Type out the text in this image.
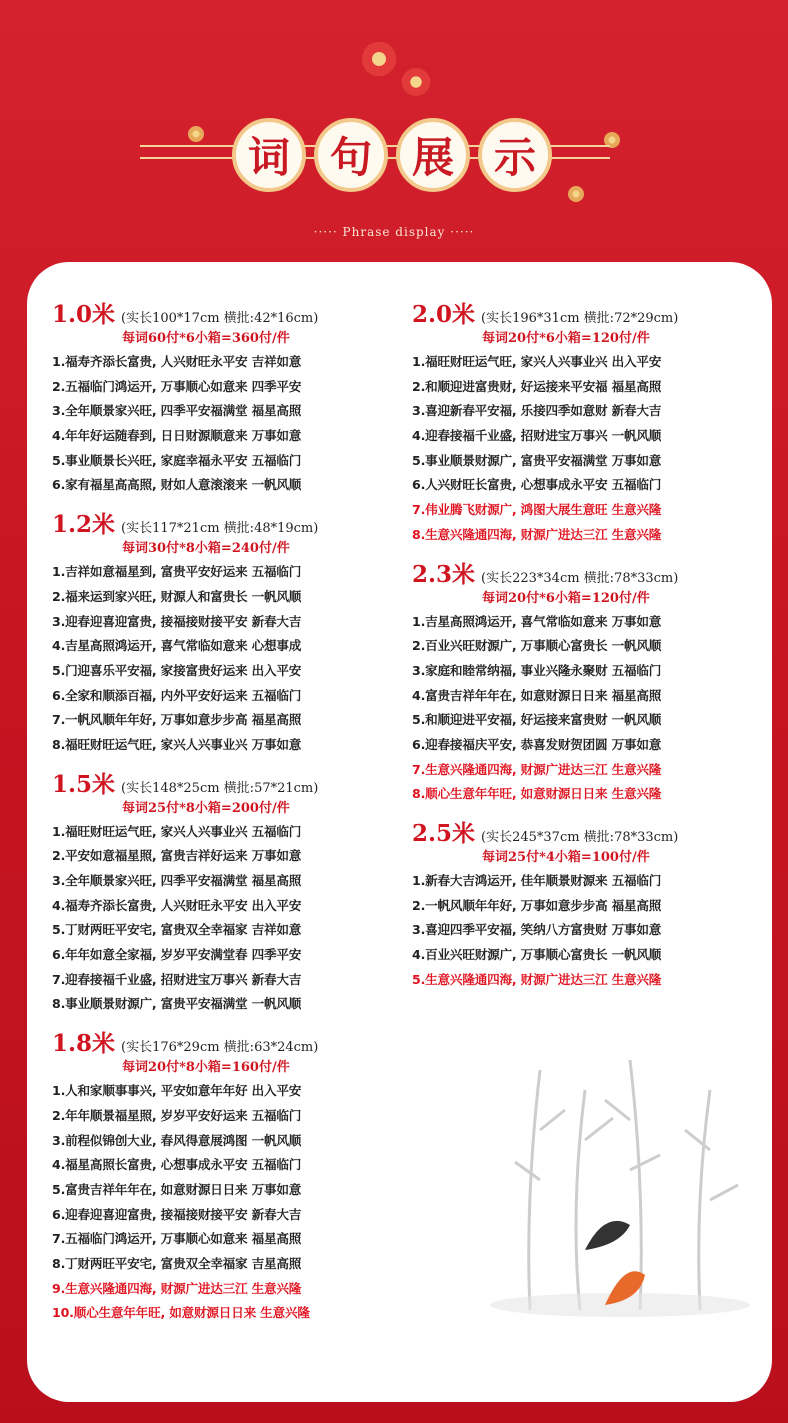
词 句 展 示
····· Phrase display ·····
1.0米 (实长100*17cm 横批:42*16cm)
每词60付*6小箱=360付/件
1.福寿齐添长富贵, 人兴财旺永平安 吉祥如意
2.五福临门鸿运开, 万事顺心如意来 四季平安
3.全年顺景家兴旺, 四季平安福满堂 福星高照
4.年年好运随春到, 日日财源顺意来 万事如意
5.事业顺景长兴旺, 家庭幸福永平安 五福临门
6.家有福星高高照, 财如人意滚滚来 一帆风顺
1.2米 (实长117*21cm 横批:48*19cm)
每词30付*8小箱=240付/件
1.吉祥如意福星到, 富贵平安好运来 五福临门
2.福来运到家兴旺, 财源人和富贵长 一帆风顺
3.迎春迎喜迎富贵, 接福接财接平安 新春大吉
4.吉星高照鸿运开, 喜气常临如意来 心想事成
5.门迎喜乐平安福, 家接富贵好运来 出入平安
6.全家和顺添百福, 内外平安好运来 五福临门
7.一帆风顺年年好, 万事如意步步高 福星高照
8.福旺财旺运气旺, 家兴人兴事业兴 万事如意
1.5米 (实长148*25cm 横批:57*21cm)
每词25付*8小箱=200付/件
1.福旺财旺运气旺, 家兴人兴事业兴 五福临门
2.平安如意福星照, 富贵吉祥好运来 万事如意
3.全年顺景家兴旺, 四季平安福满堂 福星高照
4.福寿齐添长富贵, 人兴财旺永平安 出入平安
5.丁财两旺平安宅, 富贵双全幸福家 吉祥如意
6.年年如意全家福, 岁岁平安满堂春 四季平安
7.迎春接福千业盛, 招财进宝万事兴 新春大吉
8.事业顺景财源广, 富贵平安福满堂 一帆风顺
1.8米 (实长176*29cm 横批:63*24cm)
每词20付*8小箱=160付/件
1.人和家顺事事兴, 平安如意年年好 出入平安
2.年年顺景福星照, 岁岁平安好运来 五福临门
3.前程似锦创大业, 春风得意展鸿图 一帆风顺
4.福星高照长富贵, 心想事成永平安 五福临门
5.富贵吉祥年年在, 如意财源日日来 万事如意
6.迎春迎喜迎富贵, 接福接财接平安 新春大吉
7.五福临门鸿运开, 万事顺心如意来 福星高照
8.丁财两旺平安宅, 富贵双全幸福家 吉星高照
9.生意兴隆通四海, 财源广进达三江 生意兴隆
10.顺心生意年年旺, 如意财源日日来 生意兴隆
2.0米 (实长196*31cm 横批:72*29cm)
每词20付*6小箱=120付/件
1.福旺财旺运气旺, 家兴人兴事业兴 出入平安
2.和顺迎进富贵财, 好运接来平安福 福星高照
3.喜迎新春平安福, 乐接四季如意财 新春大吉
4.迎春接福千业盛, 招财进宝万事兴 一帆风顺
5.事业顺景财源广, 富贵平安福满堂 万事如意
6.人兴财旺长富贵, 心想事成永平安 五福临门
7.伟业腾飞财源广, 鸿图大展生意旺 生意兴隆
8.生意兴隆通四海, 财源广进达三江 生意兴隆
2.3米 (实长223*34cm 横批:78*33cm)
每词20付*6小箱=120付/件
1.吉星高照鸿运开, 喜气常临如意来 万事如意
2.百业兴旺财源广, 万事顺心富贵长 一帆风顺
3.家庭和睦常纳福, 事业兴隆永聚财 五福临门
4.富贵吉祥年年在, 如意财源日日来 福星高照
5.和顺迎进平安福, 好运接来富贵财 一帆风顺
6.迎春接福庆平安, 恭喜发财贺团圆 万事如意
7.生意兴隆通四海, 财源广进达三江 生意兴隆
8.顺心生意年年旺, 如意财源日日来 生意兴隆
2.5米 (实长245*37cm 横批:78*33cm)
每词25付*4小箱=100付/件
1.新春大吉鸿运开, 佳年顺景财源来 五福临门
2.一帆风顺年年好, 万事如意步步高 福星高照
3.喜迎四季平安福, 笑纳八方富贵财 万事如意
4.百业兴旺财源广, 万事顺心富贵长 一帆风顺
5.生意兴隆通四海, 财源广进达三江 生意兴隆
